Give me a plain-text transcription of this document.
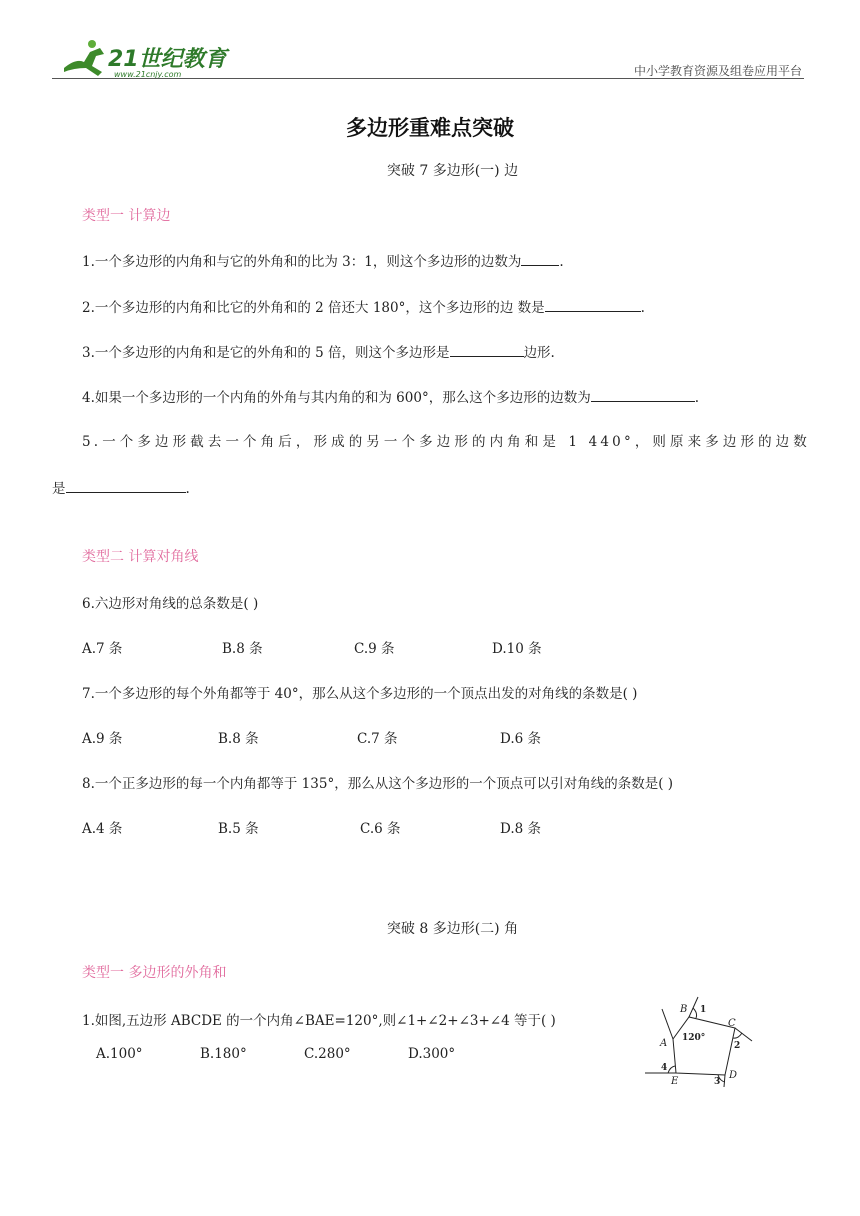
21世纪教育
www.21cnjy.com	中小学教育资源及组卷应用平台
多边形重难点突破
突破 7 多边形(一) 边
类型一 计算边
1.一个多边形的内角和与它的外角和的比为 3：1，则这个多边形的边数为	.
2.一个多边形的内角和比它的外角和的 2 倍还大 180°，这个多边形的边 数是	.
3.一个多边形的内角和是它的外角和的 5 倍，则这个多边形是	边形.
4.如果一个多边形的一个内角的外角与其内角的和为 600°，那么这个多边形的边数为	.
5.一个多边形截去一个角后，形成的另一个多边形的内角和是 1 440°，则原来多边形的边数
是	.
类型二 计算对角线
6.六边形对角线的总条数是( )
A.7 条	B.8 条	C.9 条	D.10 条
7.一个多边形的每个外角都等于 40°，那么从这个多边形的一个顶点出发的对角线的条数是( )
A.9 条	B.8 条	C.7 条	D.6 条
8.一个正多边形的每一个内角都等于 135°，那么从这个多边形的一个顶点可以引对角线的条数是( )
A.4 条	B.5 条	C.6 条	D.8 条
突破 8 多边形(二) 角
类型一 多边形的外角和
1.如图,五边形 ABCDE 的一个内角∠BAE=120°,则∠1+∠2+∠3+∠4 等于( )
A.100°	B.180°	C.280°	D.300°
B
C
D
E
A
1
2
3
4
120°
